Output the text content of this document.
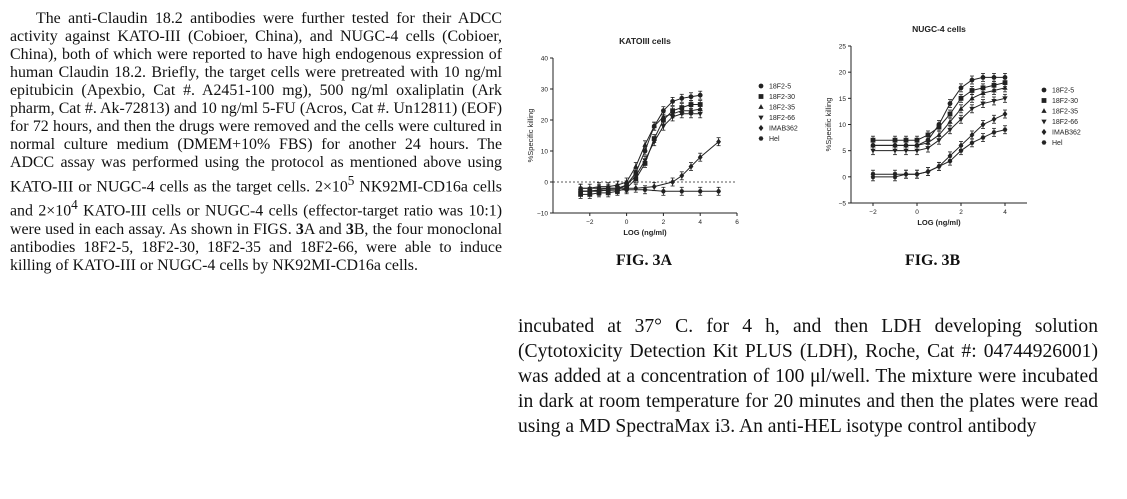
The anti-Claudin 18.2 antibodies were further tested for their ADCC activity against KATO-III (Cobioer, China), and NUGC-4 cells (Cobioer, China), both of which were reported to have high endogenous expression of human Claudin 18.2. Briefly, the target cells were pretreated with 10 ng/ml epitubicin (Apexbio, Cat #. A2451-100 mg), 500 ng/ml oxaliplatin (Ark pharm, Cat #. Ak-72813) and 10 ng/ml 5-FU (Acros, Cat #. Un12811) (EOF) for 72 hours, and then the drugs were removed and the cells were cultured in normal culture medium (DMEM+10% FBS) for another 24 hours. The ADCC assay was performed using the protocol as mentioned above using KATO-III or NUGC-4 cells as the target cells. $2\times 10^5$ NK92MI-CD16a cells and $2\times 10^4$ KATO-III cells or NUGC-4 cells (effector-target ratio was 10:1) were used in each assay. As shown in FIGS. 3A and 3B, the four monoclonal antibodies 18F2-5, 18F2-30, 18F2-35 and 18F2-66, were able to induce killing of KATO-III or NUGC-4 cells by NK92MI-CD16a cells.
KATOIII cells
−10
0
10
20
30
40
−2	0	2	4	6
LOG (ng/ml)
%Specific killing
18F2-5
18F2-30
18F2-35
18F2-66
IMAB362
Hel
NUGC-4 cells
−5
0
5
10
15
20
25
−2	0	2	4
LOG (ng/ml)
%Specific killing
18F2-5
18F2-30
18F2-35
18F2-66
IMAB362
Hel
FIG. 3A	FIG. 3B
incubated at 37° C. for 4 h, and then LDH developing solution (Cytotoxicity Detection Kit PLUS (LDH), Roche, Cat #: 04744926001) was added at a concentration of 100 μl/well. The mixture were incubated in dark at room temperature for 20 minutes and then the plates were read using a MD SpectraMax i3. An anti-HEL isotype control antibody
